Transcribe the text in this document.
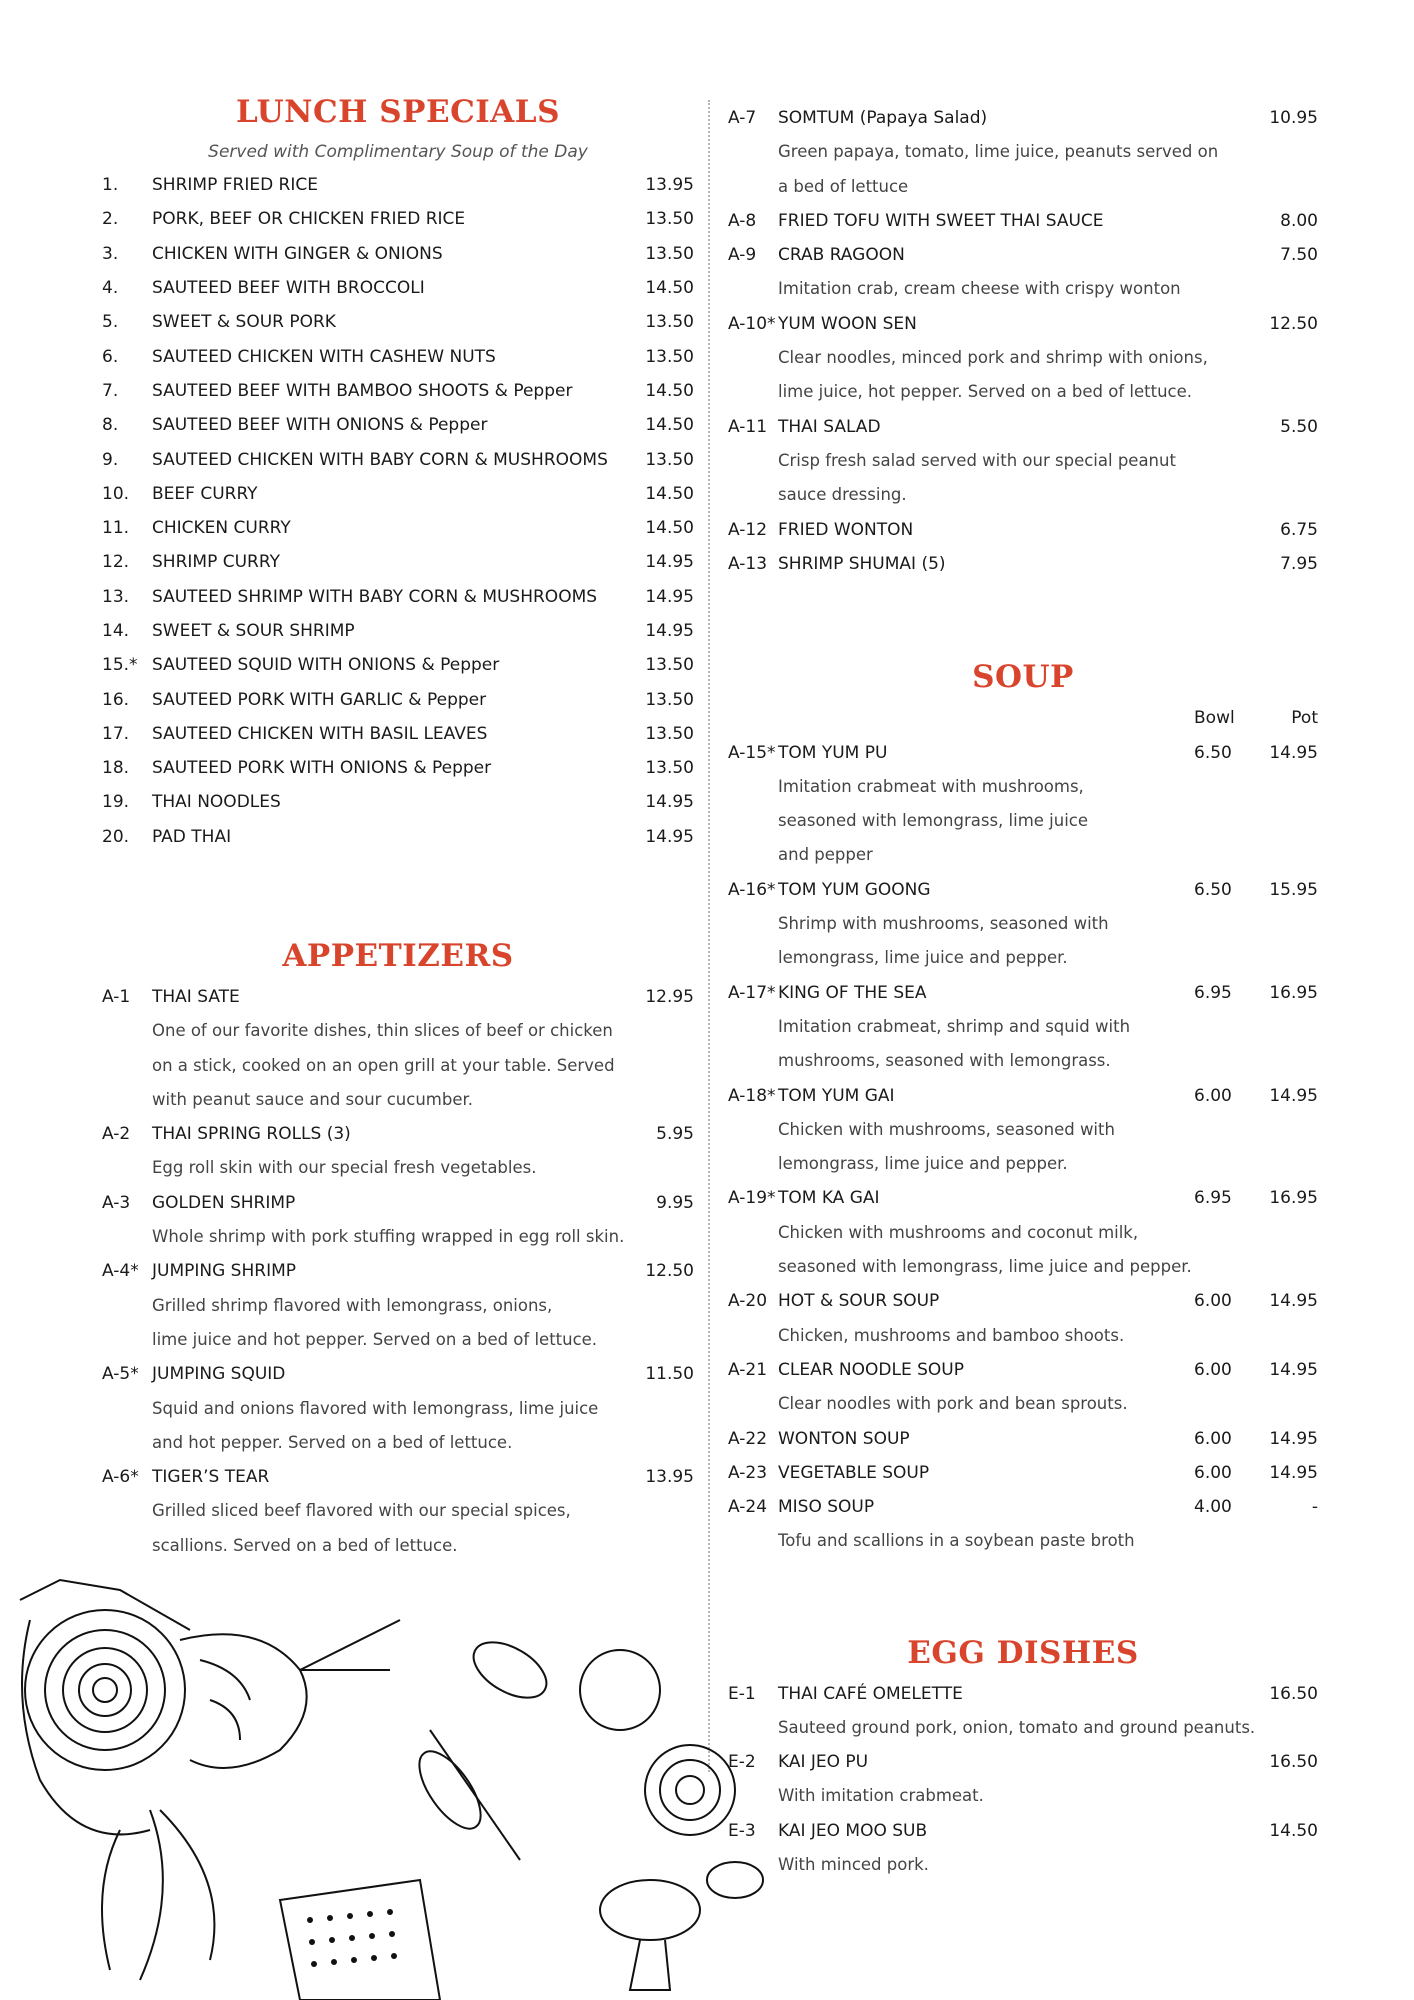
LUNCH SPECIALS
Served with Complimentary Soup of the Day
1.	SHRIMP FRIED RICE	13.95
2.	PORK, BEEF OR CHICKEN FRIED RICE	13.50
3.	CHICKEN WITH GINGER & ONIONS	13.50
4.	SAUTEED BEEF WITH BROCCOLI	14.50
5.	SWEET & SOUR PORK	13.50
6.	SAUTEED CHICKEN WITH CASHEW NUTS	13.50
7.	SAUTEED BEEF WITH BAMBOO SHOOTS & Pepper	14.50
8.	SAUTEED BEEF WITH ONIONS & Pepper	14.50
9.	SAUTEED CHICKEN WITH BABY CORN & MUSHROOMS	13.50
10.	BEEF CURRY	14.50
11.	CHICKEN CURRY	14.50
12.	SHRIMP CURRY	14.95
13.	SAUTEED SHRIMP WITH BABY CORN & MUSHROOMS	14.95
14.	SWEET & SOUR SHRIMP	14.95
15.* SAUTEED SQUID WITH ONIONS & Pepper	13.50
16.	SAUTEED PORK WITH GARLIC & Pepper	13.50
17.	SAUTEED CHICKEN WITH BASIL LEAVES	13.50
18.	SAUTEED PORK WITH ONIONS & Pepper	13.50
19.	THAI NOODLES	14.95
20.	PAD THAI	14.95
APPETIZERS
A-1	THAI SATE	12.95
One of our favorite dishes, thin slices of beef or chicken
on a stick, cooked on an open grill at your table. Served
with peanut sauce and sour cucumber.
A-2	THAI SPRING ROLLS (3)	5.95
Egg roll skin with our special fresh vegetables.
A-3	GOLDEN SHRIMP	9.95
Whole shrimp with pork stuffing wrapped in egg roll skin.
A-4* JUMPING SHRIMP	12.50
Grilled shrimp flavored with lemongrass, onions,
lime juice and hot pepper. Served on a bed of lettuce.
A-5* JUMPING SQUID	11.50
Squid and onions flavored with lemongrass, lime juice
and hot pepper. Served on a bed of lettuce.
A-6* TIGER’S TEAR	13.95
Grilled sliced beef flavored with our special spices,
scallions. Served on a bed of lettuce.
A-7	SOMTUM (Papaya Salad)	10.95
Green papaya, tomato, lime juice, peanuts served on
a bed of lettuce
A-8	FRIED TOFU WITH SWEET THAI SAUCE	8.00
A-9	CRAB RAGOON	7.50
Imitation crab, cream cheese with crispy wonton
A-10* YUM WOON SEN	12.50
Clear noodles, minced pork and shrimp with onions,
lime juice, hot pepper. Served on a bed of lettuce.
A-11 THAI SALAD	5.50
Crisp fresh salad served with our special peanut
sauce dressing.
A-12 FRIED WONTON	6.75
A-13 SHRIMP SHUMAI (5)	7.95
SOUP
Bowl	Pot
A-15* TOM YUM PU	6.50	14.95
Imitation crabmeat with mushrooms,
seasoned with lemongrass, lime juice
and pepper
A-16* TOM YUM GOONG	6.50	15.95
Shrimp with mushrooms, seasoned with
lemongrass, lime juice and pepper.
A-17* KING OF THE SEA	6.95	16.95
Imitation crabmeat, shrimp and squid with
mushrooms, seasoned with lemongrass.
A-18* TOM YUM GAI	6.00	14.95
Chicken with mushrooms, seasoned with
lemongrass, lime juice and pepper.
A-19* TOM KA GAI	6.95	16.95
Chicken with mushrooms and coconut milk,
seasoned with lemongrass, lime juice and pepper.
A-20 HOT & SOUR SOUP	6.00	14.95
Chicken, mushrooms and bamboo shoots.
A-21 CLEAR NOODLE SOUP	6.00	14.95
Clear noodles with pork and bean sprouts.
A-22 WONTON SOUP	6.00	14.95
A-23 VEGETABLE SOUP	6.00	14.95
A-24 MISO SOUP	4.00	-
Tofu and scallions in a soybean paste broth
EGG DISHES
E-1	THAI CAFÉ OMELETTE	16.50
Sauteed ground pork, onion, tomato and ground peanuts.
E-2	KAI JEO PU	16.50
With imitation crabmeat.
E-3	KAI JEO MOO SUB	14.50
With minced pork.
